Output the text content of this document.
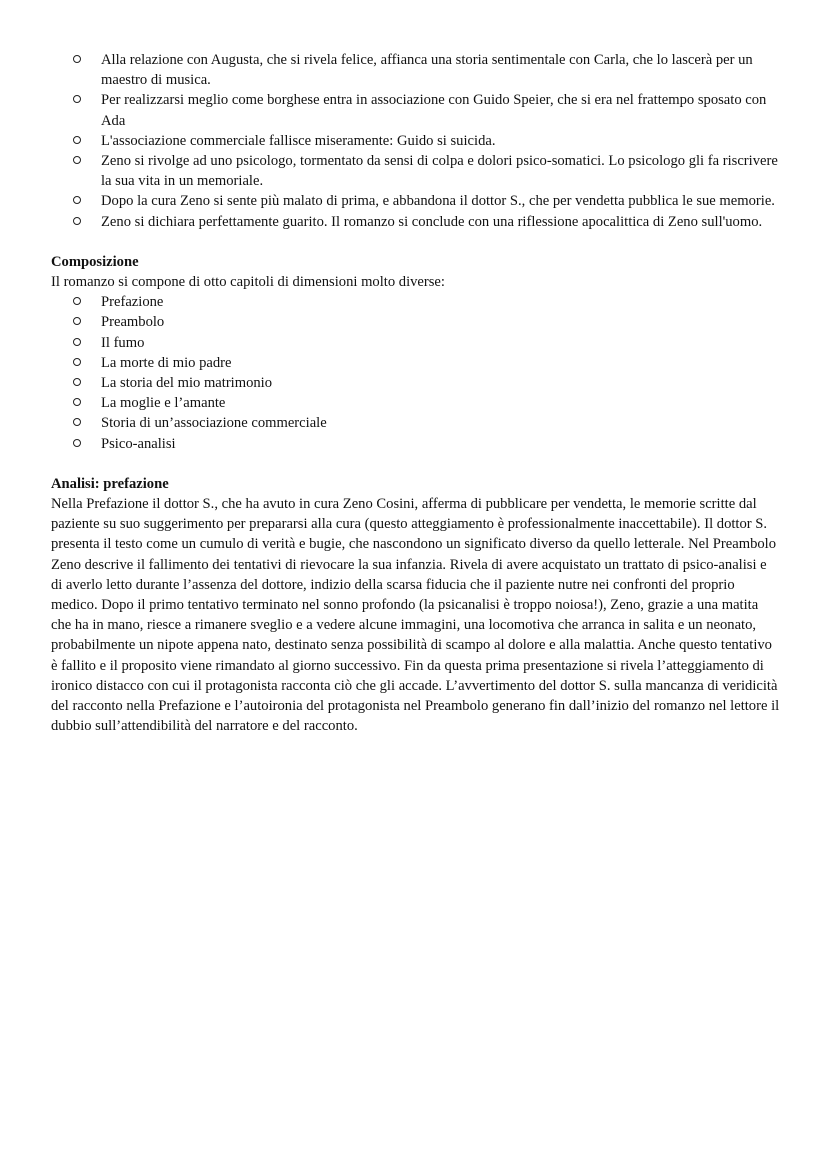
Alla relazione con Augusta, che si rivela felice, affianca una storia sentimentale con Carla, che lo lascerà per un maestro di musica.
Per realizzarsi meglio come borghese entra in associazione con Guido Speier, che si era nel frattempo sposato con Ada
L'associazione commerciale fallisce miseramente: Guido si suicida.
Zeno si rivolge ad uno psicologo, tormentato da sensi di colpa e dolori psico-somatici. Lo psicologo gli fa riscrivere la sua vita in un memoriale.
Dopo la cura Zeno si sente più malato di prima, e abbandona il dottor S., che per vendetta pubblica le sue memorie.
Zeno si dichiara perfettamente guarito. Il romanzo si conclude con una riflessione apocalittica di Zeno sull'uomo.

Composizione

Il romanzo si compone di otto capitoli di dimensioni molto diverse:

Prefazione
Preambolo
Il fumo
La morte di mio padre
La storia del mio matrimonio
La moglie e l’amante
Storia di un’associazione commerciale
Psico-analisi

Analisi: prefazione

Nella Prefazione il dottor S., che ha avuto in cura Zeno Cosini, afferma di pubblicare per vendetta, le memorie scritte dal paziente su suo suggerimento per prepararsi alla cura (questo atteggiamento è professionalmente inaccettabile). Il dottor S. presenta il testo come un cumulo di verità e bugie, che nascondono un significato diverso da quello letterale. Nel Preambolo Zeno descrive il fallimento dei tentativi di rievocare la sua infanzia. Rivela di avere acquistato un trattato di psico-analisi e di averlo letto durante l’assenza del dottore, indizio della scarsa fiducia che il paziente nutre nei confronti del proprio medico. Dopo il primo tentativo terminato nel sonno profondo (la psicanalisi è troppo noiosa!), Zeno, grazie a una matita che ha in mano, riesce a rimanere sveglio e a vedere alcune immagini, una locomotiva che arranca in salita e un neonato, probabilmente un nipote appena nato, destinato senza possibilità di scampo al dolore e alla malattia. Anche questo tentativo è fallito e il proposito viene rimandato al giorno successivo. Fin da questa prima presentazione si rivela l’atteggiamento di ironico distacco con cui il protagonista racconta ciò che gli accade. L’avvertimento del dottor S. sulla mancanza di veridicità del racconto nella Prefazione e l’autoironia del protagonista nel Preambolo generano fin dall’inizio del romanzo nel lettore il dubbio sull’attendibilità del narratore e del racconto.
